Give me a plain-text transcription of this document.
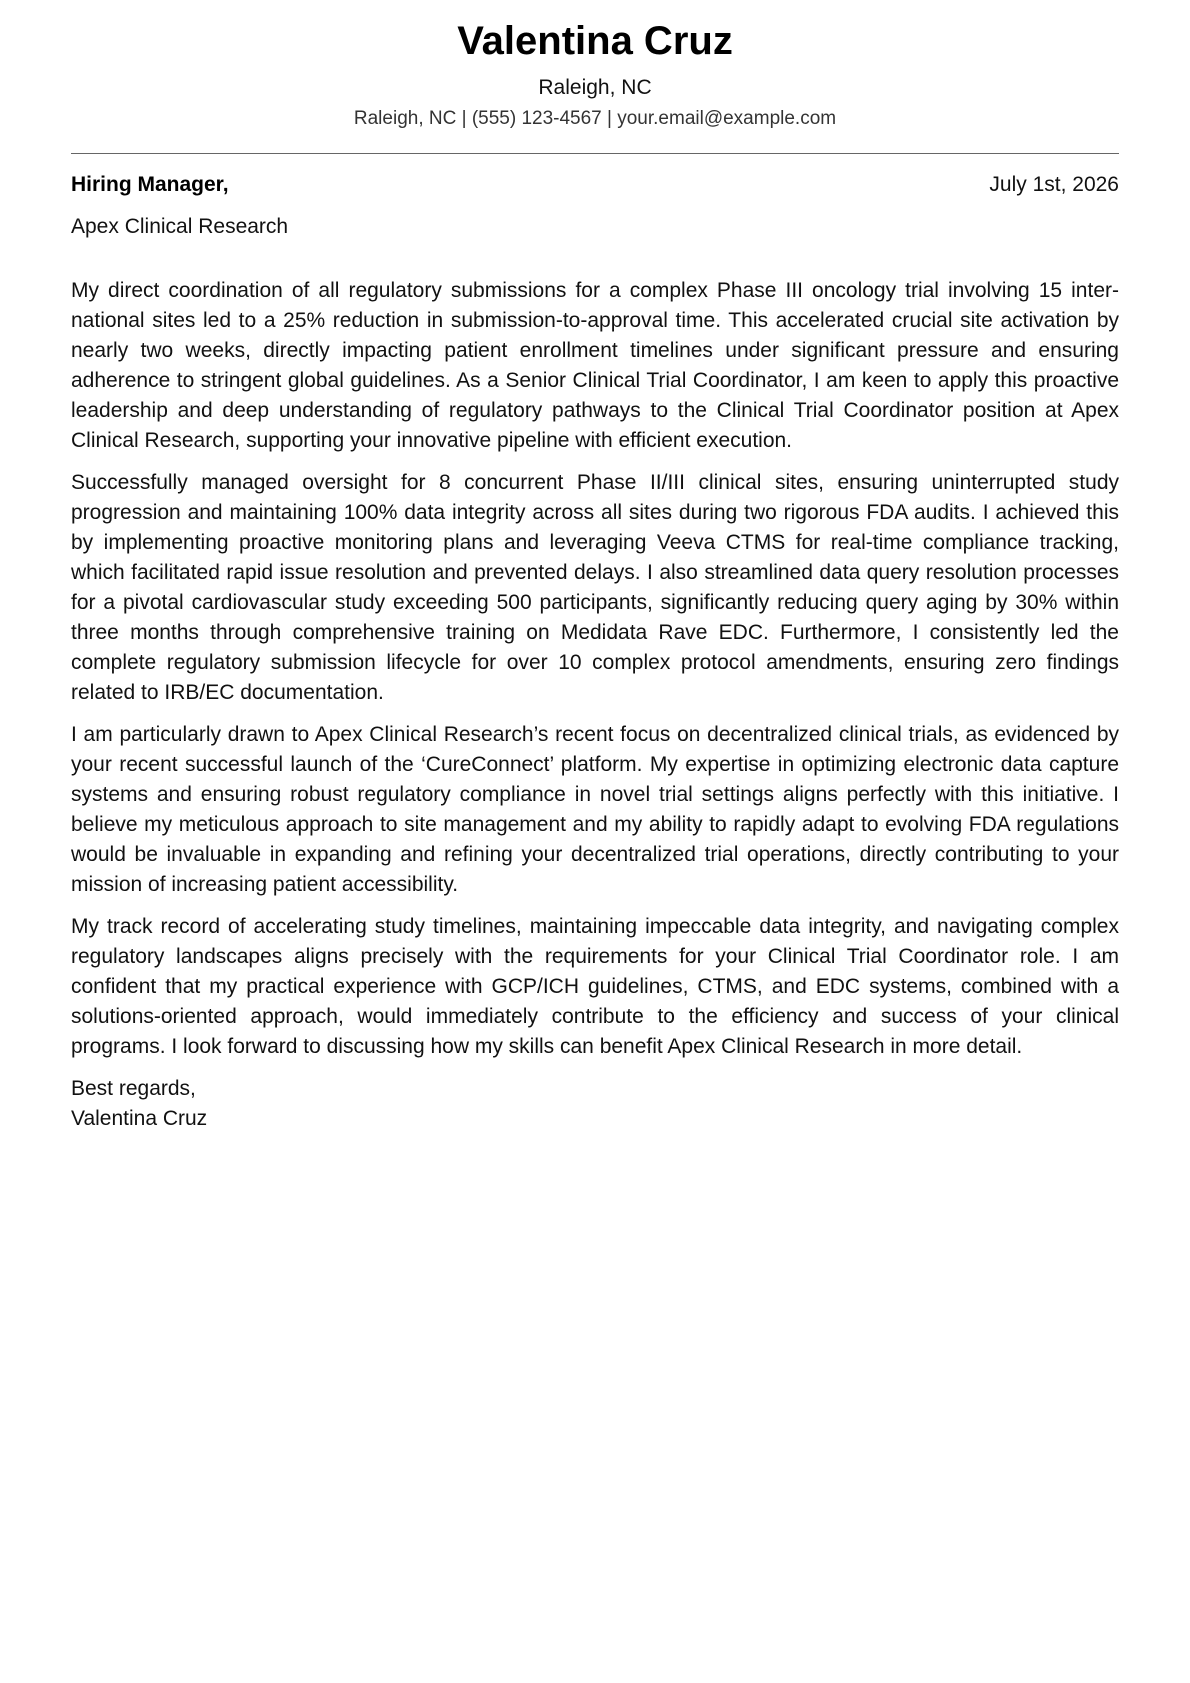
Valentina Cruz
Raleigh, NC
Raleigh, NC | (555) 123-4567 | your.email@example.com
Hiring Manager,	July 1st, 2026
Apex Clinical Research

My direct coordination of all regulatory submissions for a complex Phase III oncology trial involving 15 international sites led to a 25% reduction in submission-to-approval time. This accelerated crucial site activation by nearly two weeks, directly impacting patient enrollment timelines under significant pressure and ensuring adherence to stringent global guidelines. As a Senior Clinical Trial Coordinator, I am keen to apply this proactive leadership and deep understanding of regulatory pathways to the Clinical Trial Coordinator position at Apex Clinical Research, supporting your innovative pipeline with efficient execution.

Successfully managed oversight for 8 concurrent Phase II/III clinical sites, ensuring uninterrupted study progression and maintaining 100% data integrity across all sites during two rigorous FDA audits. I achieved this by implementing proactive monitoring plans and leveraging Veeva CTMS for real-time compliance tracking, which facilitated rapid issue resolution and prevented delays. I also streamlined data query resolution processes for a pivotal cardiovascular study exceeding 500 participants, significantly reducing query aging by 30% within three months through comprehensive training on Medidata Rave EDC. Furthermore, I consistently led the complete regulatory submission lifecycle for over 10 complex protocol amendments, ensuring zero findings related to IRB/EC documentation.

I am particularly drawn to Apex Clinical Research’s recent focus on decentralized clinical trials, as evidenced by your recent successful launch of the ‘CureConnect’ platform. My expertise in optimizing electronic data capture systems and ensuring robust regulatory compliance in novel trial settings aligns perfectly with this initiative. I believe my meticulous approach to site management and my ability to rapidly adapt to evolving FDA regulations would be invaluable in expanding and refining your decentralized trial operations, directly contributing to your mission of increasing patient accessibility.

My track record of accelerating study timelines, maintaining impeccable data integrity, and navigating complex regulatory landscapes aligns precisely with the requirements for your Clinical Trial Coordinator role. I am confident that my practical experience with GCP/ICH guidelines, CTMS, and EDC systems, combined with a solutions-oriented approach, would immediately contribute to the efficiency and success of your clinical programs. I look forward to discussing how my skills can benefit Apex Clinical Research in more detail.

Best regards,
Valentina Cruz
